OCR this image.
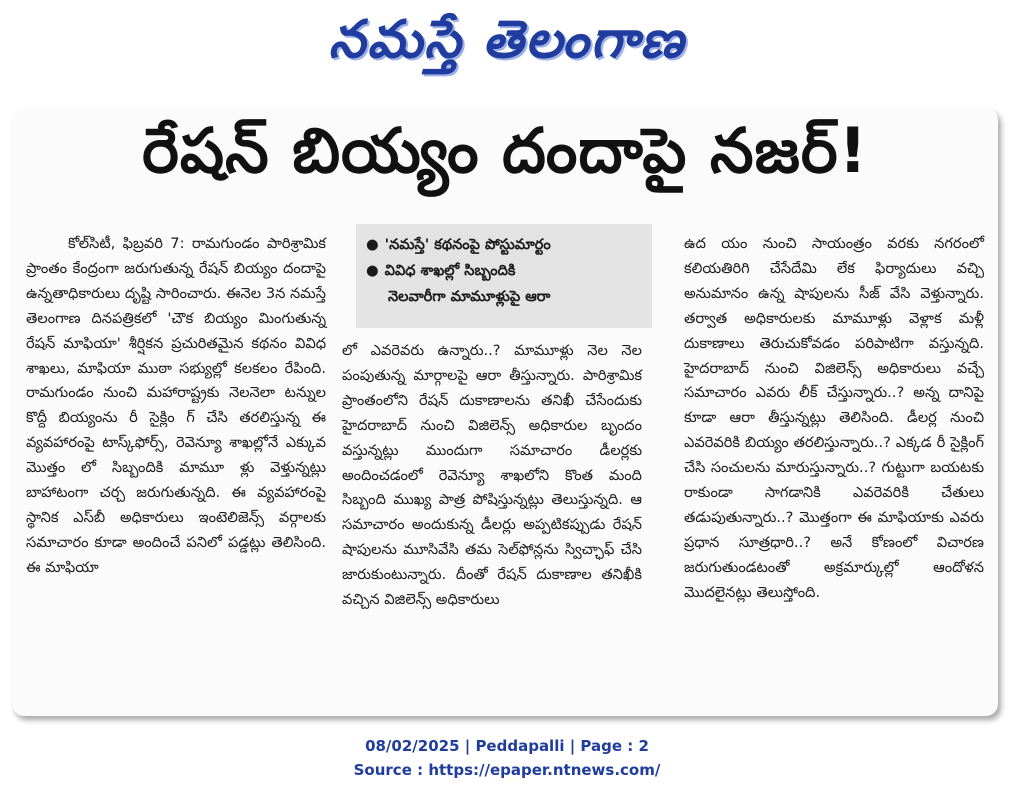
నమస్తే తెలంగాణ
రేషన్ బియ్యం దందాపై నజర్!

కోల్‌సిటీ, ఫిబ్రవరి 7: రామగుండం పారిశ్రామిక ప్రాంతం కేంద్రంగా జరుగుతున్న రేషన్ బియ్యం దందాపై ఉన్నతాధికారులు దృష్టి సారించారు. ఈనెల 3న నమస్తే తెలంగాణ దినపత్రికలో 'చౌక బియ్యం మింగుతున్న రేషన్ మాఫియా' శీర్షికన ప్రచురితమైన కథనం వివిధ శాఖలు, మాఫియా ముఠా సభ్యుల్లో కలకలం రేపింది. రామగుండం నుంచి మహారాష్ట్రకు నెలనెలా టన్నుల కొద్దీ బియ్యంను రీ సైక్లిం గ్ చేసి తరలిస్తున్న ఈ వ్యవహారంపై టాస్క్‌ఫోర్స్, రెవెన్యూ శాఖల్లోనే ఎక్కువ మొత్తం లో సిబ్బందికి మామూ ళ్లు వెళ్తున్నట్లు బాహాటంగా చర్చ జరుగుతున్నది. ఈ వ్యవహారంపై స్థానిక ఎస్‌బీ అధికారులు ఇంటెలిజెన్స్ వర్గాలకు సమాచారం కూడా అందించే పనిలో పడ్డట్లు తెలిసింది. ఈ మాఫియా

● 'నమస్తే' కథనంపై పోస్టుమార్టం
● వివిధ శాఖల్లో సిబ్బందికి
నెలవారీగా మామూళ్లుపై ఆరా

లో ఎవరెవరు ఉన్నారు..? మామూళ్లు నెల నెల పంపుతున్న మార్గాలపై ఆరా తీస్తున్నారు. పారిశ్రామిక ప్రాంతంలోని రేషన్ దుకాణాలను తనిఖీ చేసేందుకు హైదరాబాద్ నుంచి విజిలెన్స్ అధికారుల బృందం వస్తున్నట్లు ముందుగా సమాచారం డీలర్లకు అందించడంలో రెవెన్యూ శాఖలోని కొంత మంది సిబ్బంది ముఖ్య పాత్ర పోషిస్తున్నట్లు తెలుస్తున్నది. ఆ సమాచారం అందుకున్న డీలర్లు అప్పటికప్పుడు రేషన్ షాపులను మూసివేసి తమ సెల్‌ఫోన్లను స్విచ్ఛాఫ్ చేసి జారుకుంటున్నారు. దీంతో రేషన్ దుకాణాల తనిఖీకి వచ్చిన విజిలెన్స్ అధికారులు

ఉద యం నుంచి సాయంత్రం వరకు నగరంలో కలియతిరిగి చేసేదేమి లేక ఫిర్యాదులు వచ్చి అనుమానం ఉన్న షాపులను సీజ్ వేసి వెళ్తున్నారు. తర్వాత అధికారులకు మామూళ్లు వెళ్లాక మళ్లీ దుకాణాలు తెరుచుకోవడం పరిపాటిగా వస్తున్నది. హైదరాబాద్ నుంచి విజిలెన్స్ అధికారులు వచ్చే సమాచారం ఎవరు లీక్ చేస్తున్నారు..? అన్న దానిపై కూడా ఆరా తీస్తున్నట్లు తెలిసింది. డీలర్ల నుంచి ఎవరెవరికి బియ్యం తరలిస్తున్నారు..? ఎక్కడ రీ సైక్లింగ్ చేసి సంచులను మారుస్తున్నారు..? గుట్టుగా బయటకు రాకుండా సాగడానికి ఎవరెవరికి చేతులు తడుపుతున్నారు..? మొత్తంగా ఈ మాఫియాకు ఎవరు ప్రధాన సూత్రధారి..? అనే కోణంలో విచారణ జరుగుతుండటంతో అక్రమార్కుల్లో ఆందోళన మొదలైనట్లు తెలుస్తోంది.

08/02/2025 | Peddapalli | Page : 2
Source : https://epaper.ntnews.com/
